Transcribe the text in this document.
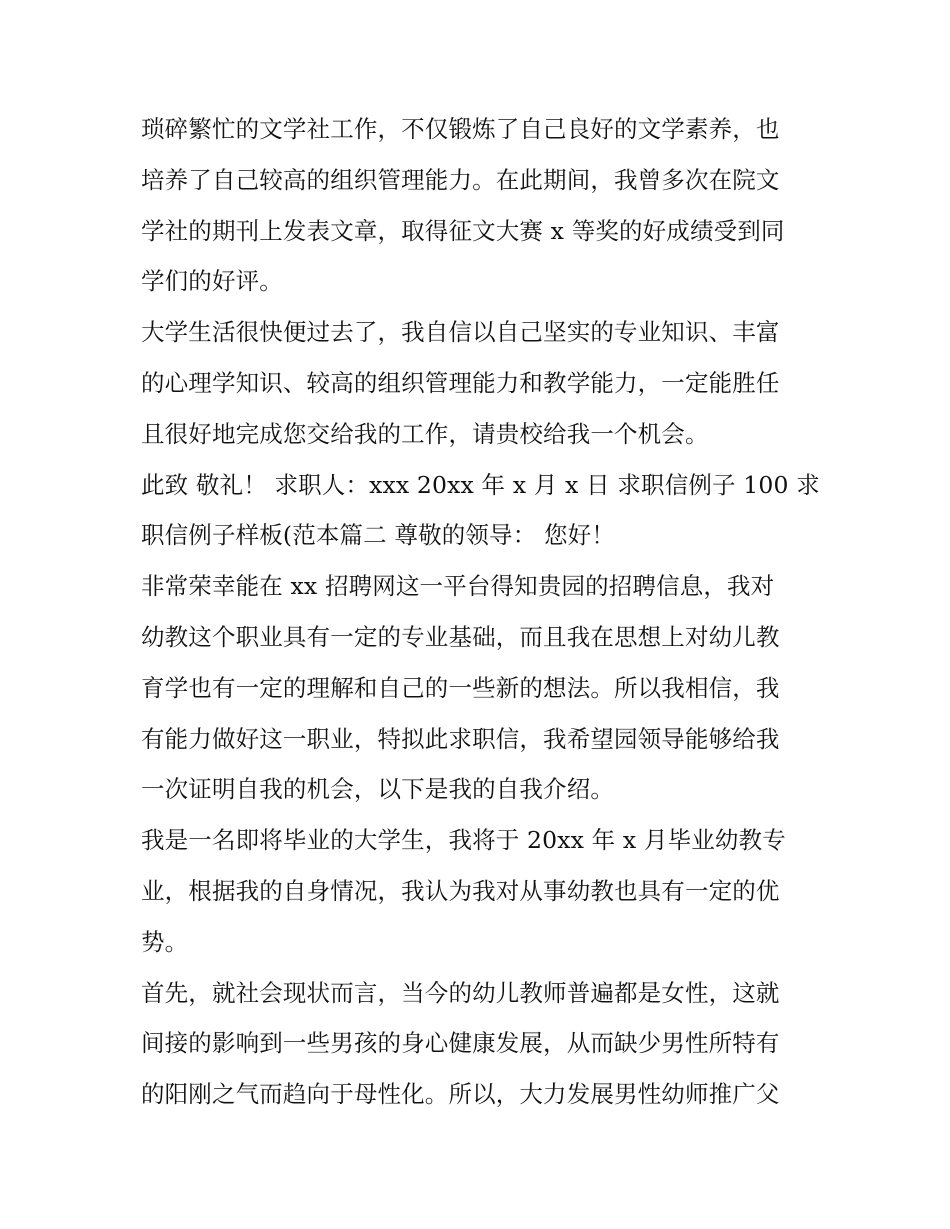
琐碎繁忙的文学社工作，不仅锻炼了自己良好的文学素养，也
培养了自己较高的组织管理能力。在此期间，我曾多次在院文
学社的期刊上发表文章，取得征文大赛 x 等奖的好成绩受到同
学们的好评。
大学生活很快便过去了，我自信以自己坚实的专业知识、丰富
的心理学知识、较高的组织管理能力和教学能力，一定能胜任
且很好地完成您交给我的工作，请贵校给我一个机会。
此致 敬礼！ 求职人：xxx 20xx 年 x 月 x 日 求职信例子 100 求
职信例子样板(范本篇二 尊敬的领导： 您好！
非常荣幸能在 xx 招聘网这一平台得知贵园的招聘信息，我对
幼教这个职业具有一定的专业基础，而且我在思想上对幼儿教
育学也有一定的理解和自己的一些新的想法。所以我相信，我
有能力做好这一职业，特拟此求职信，我希望园领导能够给我
一次证明自我的机会，以下是我的自我介绍。
我是一名即将毕业的大学生，我将于 20xx 年 x 月毕业幼教专
业，根据我的自身情况，我认为我对从事幼教也具有一定的优
势。
首先，就社会现状而言，当今的幼儿教师普遍都是女性，这就
间接的影响到一些男孩的身心健康发展，从而缺少男性所特有
的阳刚之气而趋向于母性化。所以，大力发展男性幼师推广父
